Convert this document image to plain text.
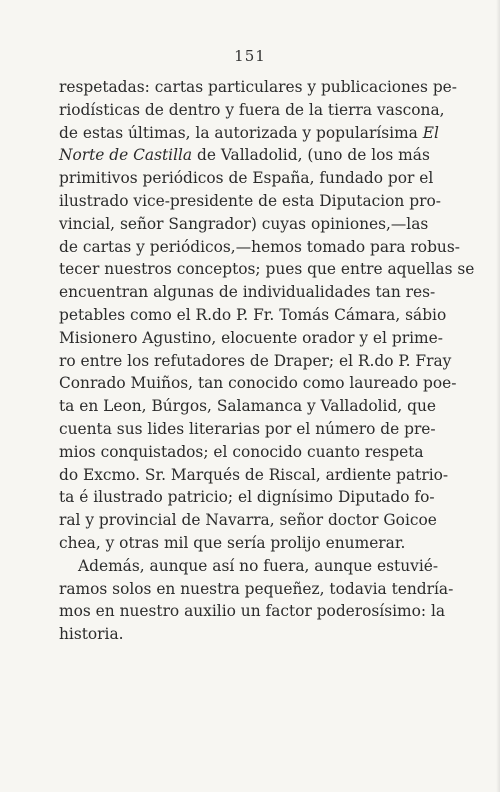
151
respetadas: cartas particulares y publicaciones pe-
riodísticas de dentro y fuera de la tierra vascona,
de estas últimas, la autorizada y popularísima El
Norte de Castilla de Valladolid, (uno de los más
primitivos periódicos de España, fundado por el
ilustrado vice-presidente de esta Diputacion pro-
vincial, señor Sangrador) cuyas opiniones,—las
de cartas y periódicos,—hemos tomado para robus-
tecer nuestros conceptos; pues que entre aquellas se
encuentran algunas de individualidades tan res-
petables como el R.do P. Fr. Tomás Cámara, sábio
Misionero Agustino, elocuente orador y el prime-
ro entre los refutadores de Draper; el R.do P. Fray
Conrado Muiños, tan conocido como laureado poe-
ta en Leon, Búrgos, Salamanca y Valladolid, que
cuenta sus lides literarias por el número de pre-
mios conquistados; el conocido cuanto respeta
do Excmo. Sr. Marqués de Riscal, ardiente patrio-
ta é ilustrado patricio; el dignísimo Diputado fo-
ral y provincial de Navarra, señor doctor Goicoe
chea, y otras mil que sería prolijo enumerar.
Además, aunque así no fuera, aunque estuvié-
ramos solos en nuestra pequeñez, todavia tendría-
mos en nuestro auxilio un factor poderosísimo: la
historia.
